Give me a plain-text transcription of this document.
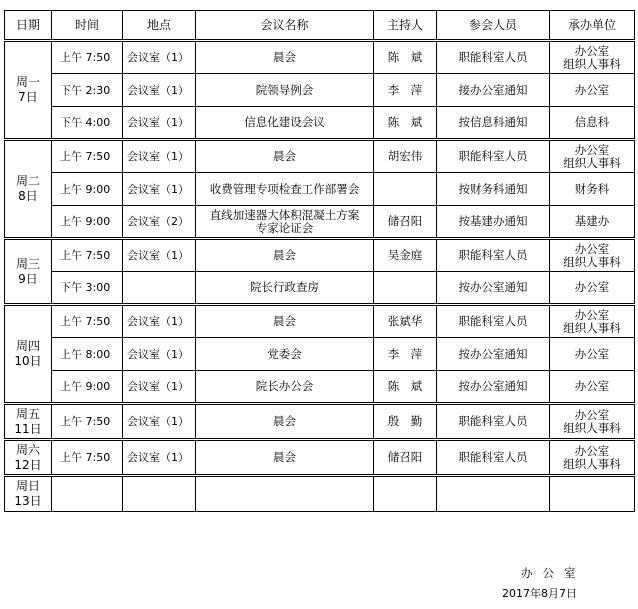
日期	时间	地点	会议名称	主持人	参会人员	承办单位

周一
7日	上午 7:50	会议室（1）	晨会	陈　斌	职能科室人员	办公室
组织人事科

	下午 2:30	会议室（1）	院领导例会	李　萍	接办公室通知	办公室

	下午 4:00	会议室（1）	信息化建设会议	陈　斌	按信息科通知	信息科

周二
8日	上午 7:50	会议室（1）	晨会	胡宏伟	职能科室人员	办公室
组织人事科

	上午 9:00	会议室（1）	收费管理专项检查工作部署会		按财务科通知	财务科

	上午 9:00	会议室（2）	直线加速器大体积混凝土方案
专家论证会	储召阳	按基建办通知	基建办

周三
9日	上午 7:50	会议室（1）	晨会	吴金庭	职能科室人员	办公室
组织人事科

	下午 3:00		院长行政查房		按办公室通知	办公室

周四
10日	上午 7:50	会议室（1）	晨会	张斌华	职能科室人员	办公室
组织人事科

	上午 8:00	会议室（1）	党委会	李　萍	按办公室通知	办公室

	上午 9:00	会议室（1）	院长办公会	陈　斌	按办公室通知	办公室

周五
11日	上午 7:50	会议室（1）	晨会	殷　勤	职能科室人员	办公室
组织人事科

周六
12日	上午 7:50	会议室（1）	晨会	储召阳	职能科室人员	办公室
组织人事科

周日
13日						

办公室
2017年8月7日
